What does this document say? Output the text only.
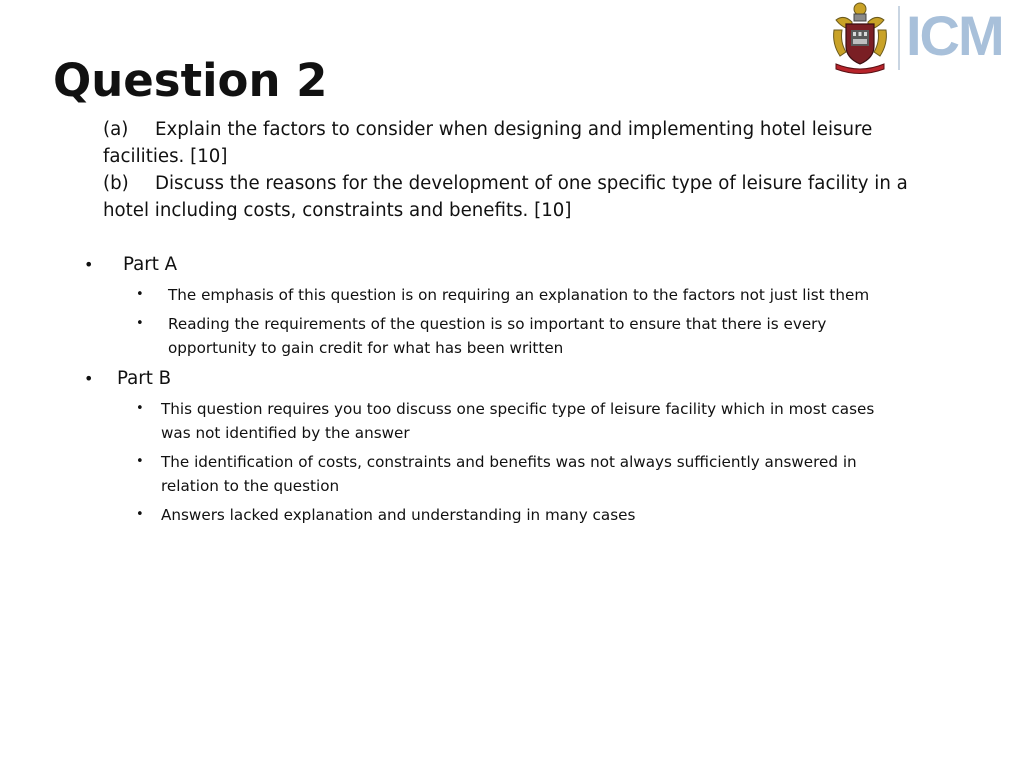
ICM
Question 2

(a) Explain the factors to consider when designing and implementing hotel leisure

facilities. [10]

(b) Discuss the reasons for the development of one specific type of leisure facility in a

hotel including costs, constraints and benefits. [10]

• Part A
• The emphasis of this question is on requiring an explanation to the factors not just list them
• Reading the requirements of the question is so important to ensure that there is every
opportunity to gain credit for what has been written
• Part B
• This question requires you too discuss one specific type of leisure facility which in most cases
was not identified by the answer
• The identification of costs, constraints and benefits was not always sufficiently answered in
relation to the question
• Answers lacked explanation and understanding in many cases
